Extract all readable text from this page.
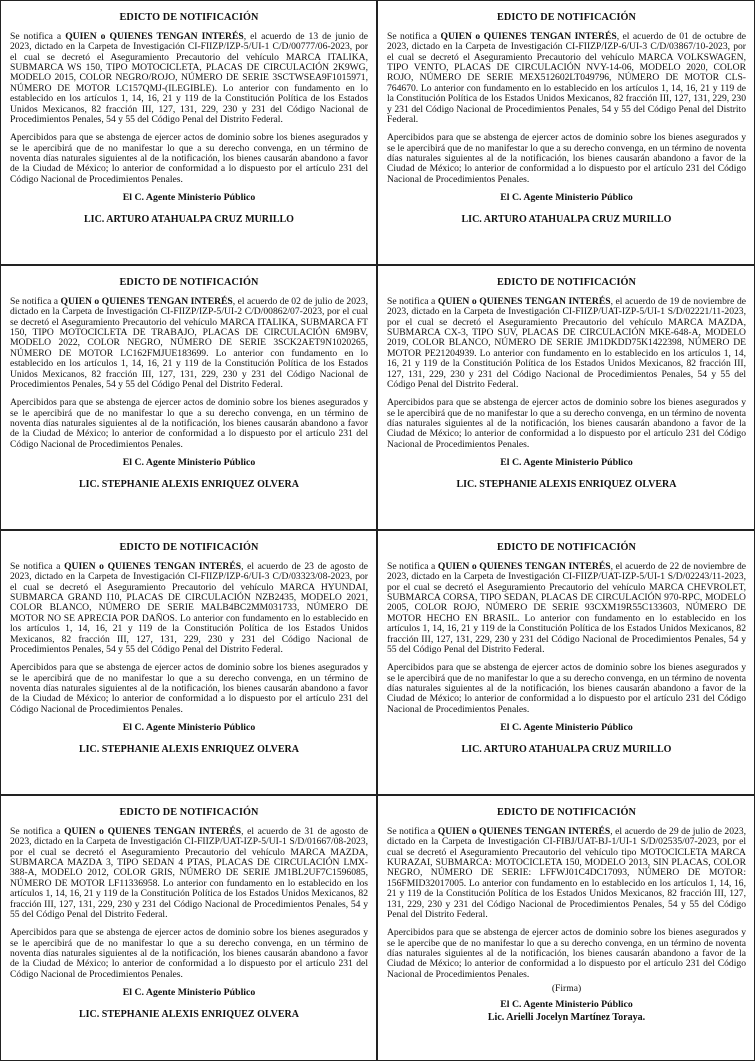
EDICTO DE NOTIFICACIÓN

Se notifica a QUIEN o QUIENES TENGAN INTERÉS, el acuerdo de 13 de junio de 2023, dictado en la Carpeta de Investigación CI-FIIZP/IZP-5/UI-1 C/D/00777/06-2023, por el cual se decretó el Aseguramiento Precautorio del vehículo MARCA ITALIKA, SUBMARCA WS 150, TIPO MOTOCICLETA, PLACAS DE CIRCULACIÓN 2K9WG, MODELO 2015, COLOR NEGRO/ROJO, NÚMERO DE SERIE 3SCTWSEA9F1015971, NÚMERO DE MOTOR LC157QMJ-(ILEGIBLE). Lo anterior con fundamento en lo establecido en los artículos 1, 14, 16, 21 y 119 de la Constitución Política de los Estados Unidos Mexicanos, 82 fracción III, 127, 131, 229, 230 y 231 del Código Nacional de Procedimientos Penales, 54 y 55 del Código Penal del Distrito Federal.

Apercibidos para que se abstenga de ejercer actos de dominio sobre los bienes asegurados y se le apercibirá que de no manifestar lo que a su derecho convenga, en un término de noventa días naturales siguientes al de la notificación, los bienes causarán abandono a favor de la Ciudad de México; lo anterior de conformidad a lo dispuesto por el artículo 231 del Código Nacional de Procedimientos Penales.

El C. Agente Ministerio Público
LIC. ARTURO ATAHUALPA CRUZ MURILLO
EDICTO DE NOTIFICACIÓN

Se notifica a QUIEN o QUIENES TENGAN INTERÉS, el acuerdo de 01 de octubre de 2023, dictado en la Carpeta de Investigación CI-FIIZP/IZP-6/UI-3 C/D/03867/10-2023, por el cual se decretó el Aseguramiento Precautorio del vehículo MARCA VOLKSWAGEN, TIPO VENTO, PLACAS DE CIRCULACIÓN NVY-14-06, MODELO 2020, COLOR ROJO, NÚMERO DE SERIE MEX512602LT049796, NÚMERO DE MOTOR CLS-764670. Lo anterior con fundamento en lo establecido en los artículos 1, 14, 16, 21 y 119 de la Constitución Política de los Estados Unidos Mexicanos, 82 fracción III, 127, 131, 229, 230 y 231 del Código Nacional de Procedimientos Penales, 54 y 55 del Código Penal del Distrito Federal.

Apercibidos para que se abstenga de ejercer actos de dominio sobre los bienes asegurados y se le apercibirá que de no manifestar lo que a su derecho convenga, en un término de noventa días naturales siguientes al de la notificación, los bienes causarán abandono a favor de la Ciudad de México; lo anterior de conformidad a lo dispuesto por el artículo 231 del Código Nacional de Procedimientos Penales.

El C. Agente Ministerio Público
LIC. ARTURO ATAHUALPA CRUZ MURILLO
EDICTO DE NOTIFICACIÓN

Se notifica a QUIEN o QUIENES TENGAN INTERÉS, el acuerdo de 02 de julio de 2023, dictado en la Carpeta de Investigación CI-FIIZP/IZP-5/UI-2 C/D/00862/07-2023, por el cual se decretó el Aseguramiento Precautorio del vehículo MARCA ITALIKA, SUBMARCA FT 150, TIPO MOTOCICLETA DE TRABAJO, PLACAS DE CIRCULACIÓN 6M9BV, MODELO 2022, COLOR NEGRO, NÚMERO DE SERIE 3SCK2AET9N1020265, NÚMERO DE MOTOR LC162FMJUE183699. Lo anterior con fundamento en lo establecido en los artículos 1, 14, 16, 21 y 119 de la Constitución Política de los Estados Unidos Mexicanos, 82 fracción III, 127, 131, 229, 230 y 231 del Código Nacional de Procedimientos Penales, 54 y 55 del Código Penal del Distrito Federal.

Apercibidos para que se abstenga de ejercer actos de dominio sobre los bienes asegurados y se le apercibirá que de no manifestar lo que a su derecho convenga, en un término de noventa días naturales siguientes al de la notificación, los bienes causarán abandono a favor de la Ciudad de México; lo anterior de conformidad a lo dispuesto por el artículo 231 del Código Nacional de Procedimientos Penales.

El C. Agente Ministerio Público
LIC. STEPHANIE ALEXIS ENRIQUEZ OLVERA
EDICTO DE NOTIFICACIÓN

Se notifica a QUIEN o QUIENES TENGAN INTERÉS, el acuerdo de 19 de noviembre de 2023, dictado en la Carpeta de Investigación CI-FIIZP/UAT-IZP-5/UI-1 S/D/02221/11-2023, por el cual se decretó el Aseguramiento Precautorio del vehículo MARCA MAZDA, SUBMARCA CX-3, TIPO SUV, PLACAS DE CIRCULACIÓN MKE-648-A, MODELO 2019, COLOR BLANCO, NÚMERO DE SERIE JM1DKDD75K1422398, NÚMERO DE MOTOR PE21204939. Lo anterior con fundamento en lo establecido en los artículos 1, 14, 16, 21 y 119 de la Constitución Política de los Estados Unidos Mexicanos, 82 fracción III, 127, 131, 229, 230 y 231 del Código Nacional de Procedimientos Penales, 54 y 55 del Código Penal del Distrito Federal.

Apercibidos para que se abstenga de ejercer actos de dominio sobre los bienes asegurados y se le apercibirá que de no manifestar lo que a su derecho convenga, en un término de noventa días naturales siguientes al de la notificación, los bienes causarán abandono a favor de la Ciudad de México; lo anterior de conformidad a lo dispuesto por el artículo 231 del Código Nacional de Procedimientos Penales.

El C. Agente Ministerio Público
LIC. STEPHANIE ALEXIS ENRIQUEZ OLVERA
EDICTO DE NOTIFICACIÓN

Se notifica a QUIEN o QUIENES TENGAN INTERÉS, el acuerdo de 23 de agosto de 2023, dictado en la Carpeta de Investigación CI-FIIZP/IZP-6/UI-3 C/D/03323/08-2023, por el cual se decretó el Aseguramiento Precautorio del vehículo MARCA HYUNDAI, SUBMARCA GRAND I10, PLACAS DE CIRCULACIÓN NZB2435, MODELO 2021, COLOR BLANCO, NÚMERO DE SERIE MALB4BC2MM031733, NÚMERO DE MOTOR NO SE APRECIA POR DAÑOS. Lo anterior con fundamento en lo establecido en los artículos 1, 14, 16, 21 y 119 de la Constitución Política de los Estados Unidos Mexicanos, 82 fracción III, 127, 131, 229, 230 y 231 del Código Nacional de Procedimientos Penales, 54 y 55 del Código Penal del Distrito Federal.

Apercibidos para que se abstenga de ejercer actos de dominio sobre los bienes asegurados y se le apercibirá que de no manifestar lo que a su derecho convenga, en un término de noventa días naturales siguientes al de la notificación, los bienes causarán abandono a favor de la Ciudad de México; lo anterior de conformidad a lo dispuesto por el artículo 231 del Código Nacional de Procedimientos Penales.

El C. Agente Ministerio Público
LIC. STEPHANIE ALEXIS ENRIQUEZ OLVERA
EDICTO DE NOTIFICACIÓN

Se notifica a QUIEN o QUIENES TENGAN INTERÉS, el acuerdo de 22 de noviembre de 2023, dictado en la Carpeta de Investigación CI-FIIZP/UAT-IZP-5/UI-1 S/D/02243/11-2023, por el cual se decretó el Aseguramiento Precautorio del vehículo MARCA CHEVROLET, SUBMARCA CORSA, TIPO SEDAN, PLACAS DE CIRCULACIÓN 970-RPC, MODELO 2005, COLOR ROJO, NÚMERO DE SERIE 93CXM19R55C133603, NÚMERO DE MOTOR HECHO EN BRASIL. Lo anterior con fundamento en lo establecido en los artículos 1, 14, 16, 21 y 119 de la Constitución Política de los Estados Unidos Mexicanos, 82 fracción III, 127, 131, 229, 230 y 231 del Código Nacional de Procedimientos Penales, 54 y 55 del Código Penal del Distrito Federal.

Apercibidos para que se abstenga de ejercer actos de dominio sobre los bienes asegurados y se le apercibirá que de no manifestar lo que a su derecho convenga, en un término de noventa días naturales siguientes al de la notificación, los bienes causarán abandono a favor de la Ciudad de México; lo anterior de conformidad a lo dispuesto por el artículo 231 del Código Nacional de Procedimientos Penales.

El C. Agente Ministerio Público
LIC. ARTURO ATAHUALPA CRUZ MURILLO
EDICTO DE NOTIFICACIÓN

Se notifica a QUIEN o QUIENES TENGAN INTERÉS, el acuerdo de 31 de agosto de 2023, dictado en la Carpeta de Investigación CI-FIIZP/UAT-IZP-5/UI-1 S/D/01667/08-2023, por el cual se decretó el Aseguramiento Precautorio del vehículo MARCA MAZDA, SUBMARCA MAZDA 3, TIPO SEDAN 4 PTAS, PLACAS DE CIRCULACIÓN LMX-388-A, MODELO 2012, COLOR GRIS, NÚMERO DE SERIE JM1BL2UF7C1596085, NÚMERO DE MOTOR LF11336958. Lo anterior con fundamento en lo establecido en los artículos 1, 14, 16, 21 y 119 de la Constitución Política de los Estados Unidos Mexicanos, 82 fracción III, 127, 131, 229, 230 y 231 del Código Nacional de Procedimientos Penales, 54 y 55 del Código Penal del Distrito Federal.

Apercibidos para que se abstenga de ejercer actos de dominio sobre los bienes asegurados y se le apercibirá que de no manifestar lo que a su derecho convenga, en un término de noventa días naturales siguientes al de la notificación, los bienes causarán abandono a favor de la Ciudad de México; lo anterior de conformidad a lo dispuesto por el artículo 231 del Código Nacional de Procedimientos Penales.

El C. Agente Ministerio Público
LIC. STEPHANIE ALEXIS ENRIQUEZ OLVERA
EDICTO DE NOTIFICACIÓN

Se notifica a QUIEN o QUIENES TENGAN INTERÉS, el acuerdo de 29 de julio de 2023, dictado en la Carpeta de Investigación CI-FIBJ/UAT-BJ-1/UI-1 S/D/02535/07-2023, por el cual se decretó el Aseguramiento Precautorio del vehículo tipo MOTOCICLETA MARCA KURAZAI, SUBMARCA: MOTOCICLETA 150, MODELO 2013, SIN PLACAS, COLOR NEGRO, NÚMERO DE SERIE: LFFWJ01C4DC17093, NÚMERO DE MOTOR: 156FMID32017005. Lo anterior con fundamento en lo establecido en los artículos 1, 14, 16, 21 y 119 de la Constitución Política de los Estados Unidos Mexicanos, 82 fracción III, 127, 131, 229, 230 y 231 del Código Nacional de Procedimientos Penales, 54 y 55 del Código Penal del Distrito Federal.

Apercibidos para que se abstenga de ejercer actos de dominio sobre los bienes asegurados y se le apercibe que de no manifestar lo que a su derecho convenga, en un término de noventa días naturales siguientes al de la notificación, los bienes causarán abandono a favor de la Ciudad de México; lo anterior de conformidad a lo dispuesto por el artículo 231 del Código Nacional de Procedimientos Penales.

(Firma)
El C. Agente Ministerio Público
Lic. Arielli Jocelyn Martínez Toraya.
